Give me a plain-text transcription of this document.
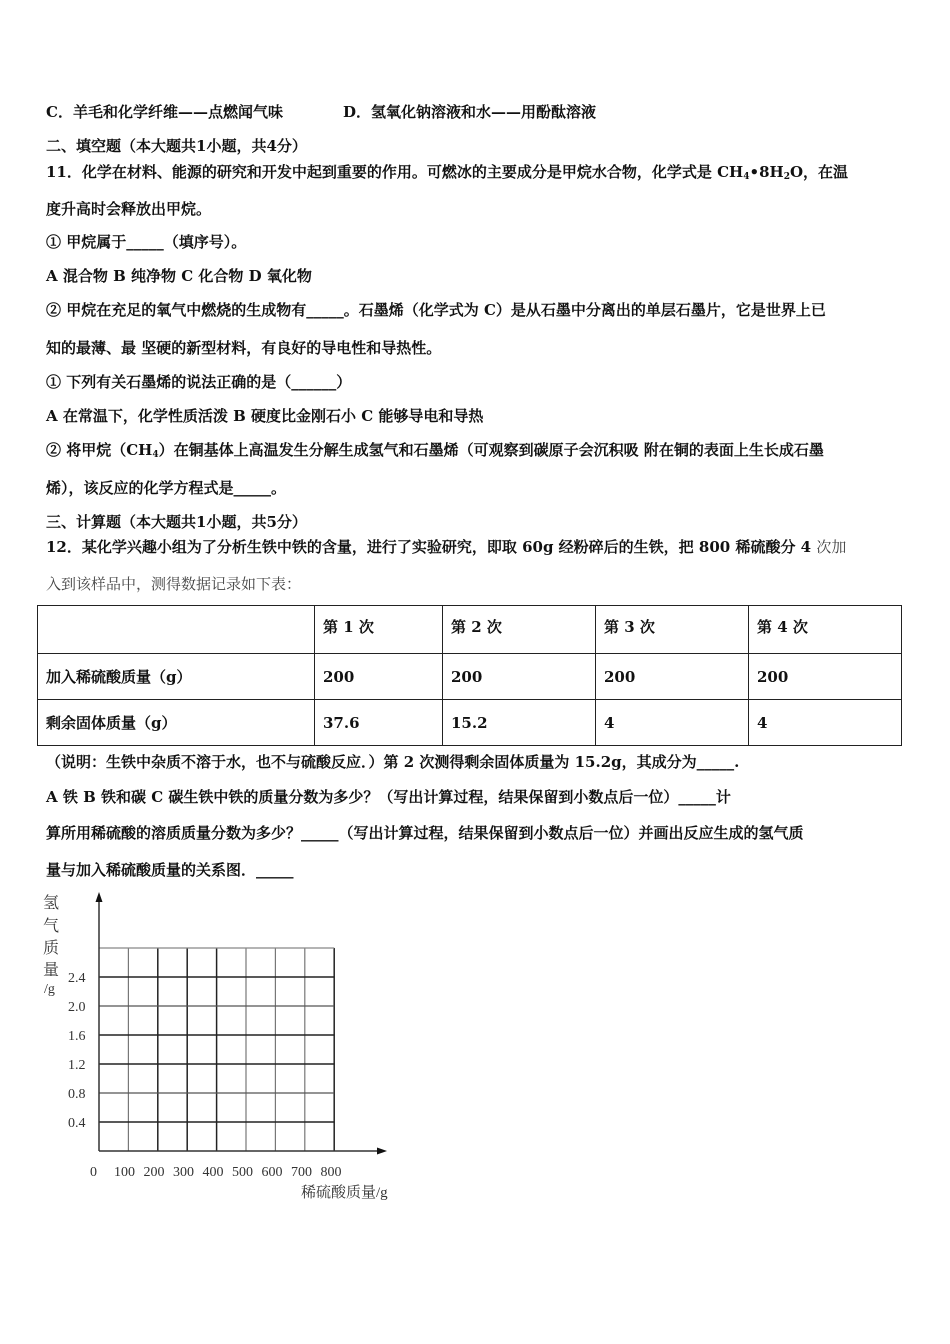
C．羊毛和化学纤维——点燃闻气味	D．氢氧化钠溶液和水——用酚酞溶液
二、填空题（本大题共1小题，共4分）
11．化学在材料、能源的研究和开发中起到重要的作用。可燃冰的主要成分是甲烷水合物，化学式是 $CH_4•8H_2O$，在温
度升高时会释放出甲烷。
① 甲烷属于_____（填序号）。
A 混合物 B 纯净物 C 化合物 D 氧化物
② 甲烷在充足的氧气中燃烧的生成物有_____。石墨烯（化学式为 C）是从石墨中分离出的单层石墨片，它是世界上已
知的最薄、最 坚硬的新型材料，有良好的导电性和导热性。
① 下列有关石墨烯的说法正确的是（______）
A 在常温下，化学性质活泼 B 硬度比金刚石小 C 能够导电和导热
② 将甲烷$(CH_4)$在铜基体上高温发生分解生成氢气和石墨烯（可观察到碳原子会沉积吸 附在铜的表面上生长成石墨
烯），该反应的化学方程式是_____。
三、计算题（本大题共1小题，共5分）
12．某化学兴趣小组为了分析生铁中铁的含量，进行了实验研究，即取 60g 经粉碎后的生铁，把 800 稀硫酸分 4 次加
入到该样品中，测得数据记录如下表：
	第 1 次	第 2 次	第 3 次	第 4 次
加入稀硫酸质量（g）	200	200	200	200
剩余固体质量（g）	37.6	15.2	4	4
（说明：生铁中杂质不溶于水，也不与硫酸反应．）第 2 次测得剩余固体质量为 15.2g，其成分为_____.
A 铁 B 铁和碳 C 碳生铁中铁的质量分数为多少？（写出计算过程，结果保留到小数点后一位）_____计
算所用稀硫酸的溶质质量分数为多少？_____（写出计算过程，结果保留到小数点后一位）并画出反应生成的氢气质
量与加入稀硫酸质量的关系图．_____
氢
气
质
量
/g
2.4
2.0
1.6
1.2
0.8
0.4
0 100 200 300 400 500 600 700 800
稀硫酸质量/g
